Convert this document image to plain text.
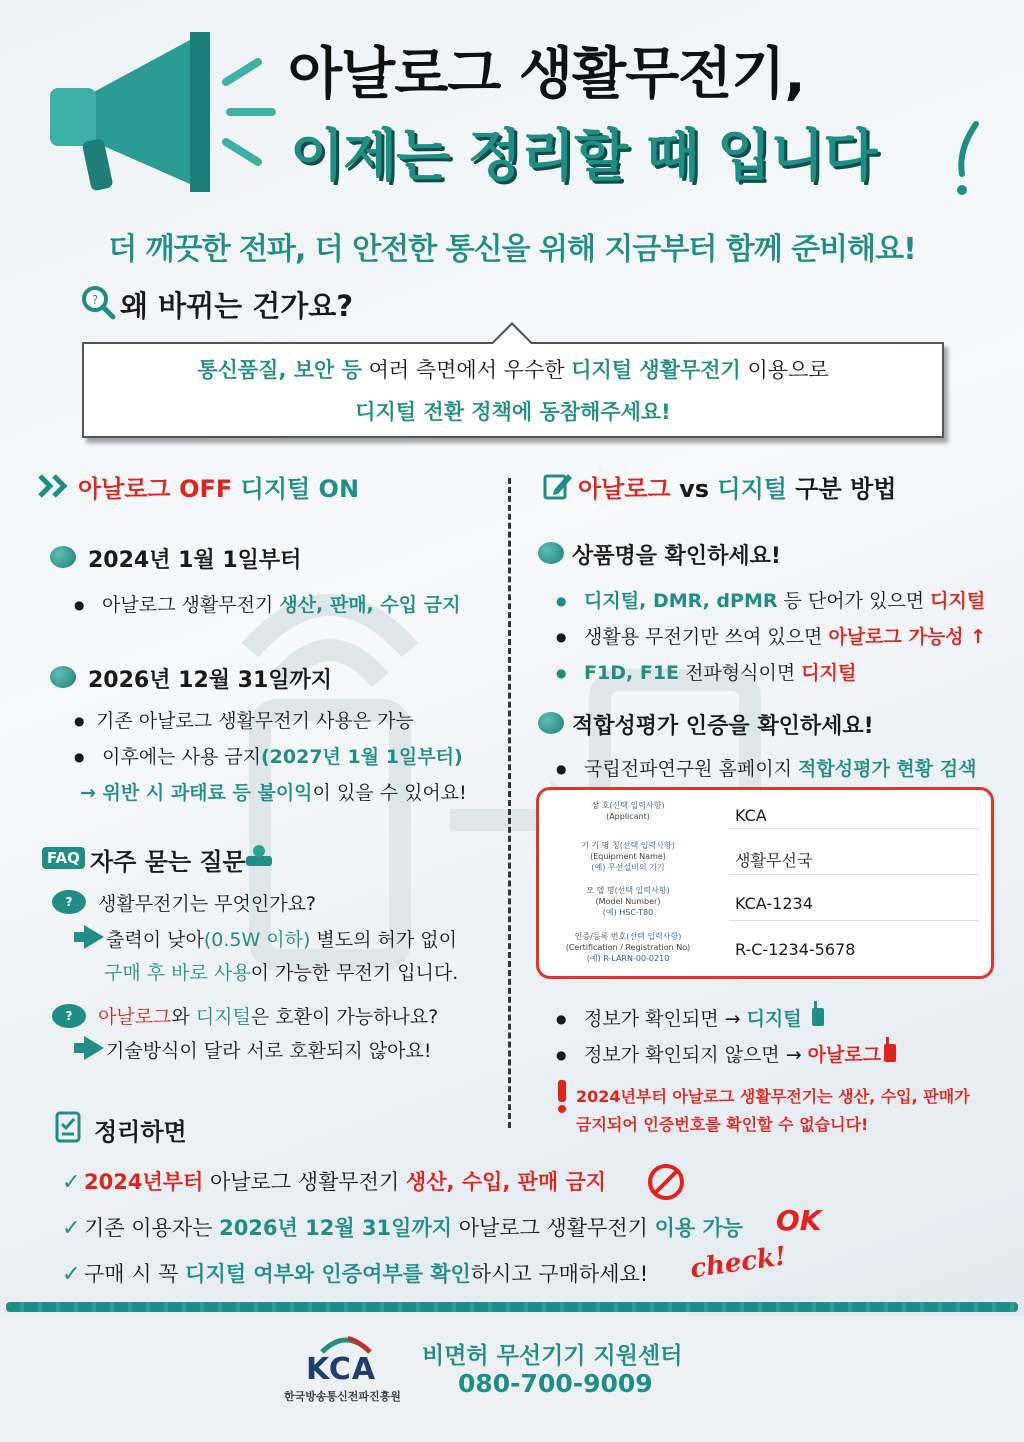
아날로그 생활무전기,
이제는 정리할 때 입니다
더 깨끗한 전파, 더 안전한 통신을 위해 지금부터 함께 준비해요!
? 왜 바뀌는 건가요?
통신품질, 보안 등 여러 측면에서 우수한 디지털 생활무전기 이용으로
디지털 전환 정책에 동참해주세요!
아날로그 OFF 디지털 ON
2024년 1월 1일부터
● 아날로그 생활무전기 생산, 판매, 수입 금지
2026년 12월 31일까지
● 기존 아날로그 생활무전기 사용은 가능
● 이후에는 사용 금지(2027년 1월 1일부터)
→ 위반 시 과태료 등 불이익이 있을 수 있어요!
FAQ 자주 묻는 질문
?	생활무전기는 무엇인가요?
출력이 낮아(0.5W 이하) 별도의 허가 없이
구매 후 바로 사용이 가능한 무전기 입니다.
?	아날로그와 디지털은 호환이 가능하나요?
기술방식이 달라 서로 호환되지 않아요!
아날로그 vs 디지털 구분 방법
상품명을 확인하세요!
● 디지털, DMR, dPMR 등 단어가 있으면 디지털
● 생활용 무전기만 쓰여 있으면 아날로그 가능성 ↑
● F1D, F1E 전파형식이면 디지털
적합성평가 인증을 확인하세요!
● 국립전파연구원 홈페이지 적합성평가 현황 검색
상 호(선택 입력사항)
(Applicant)	KCA
기 기 명 칭(선택 입력사항)
(Equipment Name)
(예) 무선설비의 기기	생활무선국
모 델 명(선택 입력사항)
(Model Number)
(예) HSC-T80	KCA-1234
인증/등록 번호(선택 입력사항)
(Certification / Registration No)
(예) R-LARN-00-0210	R-C-1234-5678
● 정보가 확인되면 → 디지털
● 정보가 확인되지 않으면 → 아날로그
2024년부터 아날로그 생활무전기는 생산, 수입, 판매가
금지되어 인증번호를 확인할 수 없습니다!
정리하면
✓ 2024년부터 아날로그 생활무전기 생산, 수입, 판매 금지
✓ 기존 이용자는 2026년 12월 31일까지 아날로그 생활무전기 이용 가능 OK
✓ 구매 시 꼭 디지털 여부와 인증여부를 확인하시고 구매하세요! check!
KCA
한국방송통신전파진흥원
비면허 무선기기 지원센터
080-700-9009
